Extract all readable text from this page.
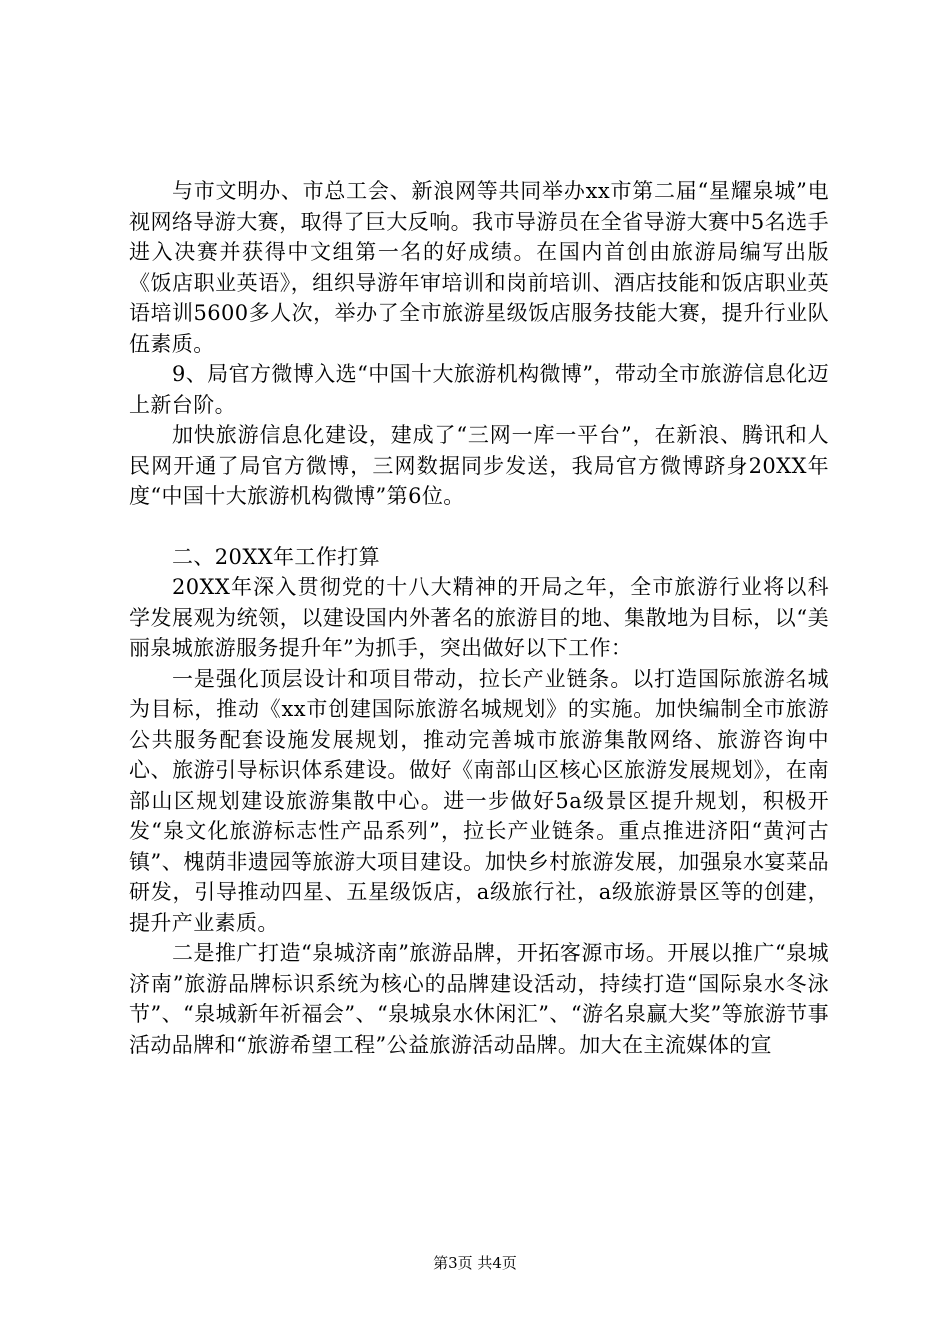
与市文明办、市总工会、新浪网等共同举办xx市第二届“星耀泉城”电视网络导游大赛，取得了巨大反响。我市导游员在全省导游大赛中5名选手进入决赛并获得中文组第一名的好成绩。在国内首创由旅游局编写出版《饭店职业英语》，组织导游年审培训和岗前培训、酒店技能和饭店职业英语培训5600多人次，举办了全市旅游星级饭店服务技能大赛，提升行业队伍素质。

9、局官方微博入选“中国十大旅游机构微博”，带动全市旅游信息化迈上新台阶。

加快旅游信息化建设，建成了“三网一库一平台”，在新浪、腾讯和人民网开通了局官方微博，三网数据同步发送，我局官方微博跻身20XX年度“中国十大旅游机构微博”第6位。

二、20XX年工作打算

20XX年深入贯彻党的十八大精神的开局之年，全市旅游行业将以科学发展观为统领，以建设国内外著名的旅游目的地、集散地为目标，以“美丽泉城旅游服务提升年”为抓手，突出做好以下工作：

一是强化顶层设计和项目带动，拉长产业链条。以打造国际旅游名城为目标，推动《xx市创建国际旅游名城规划》的实施。加快编制全市旅游公共服务配套设施发展规划，推动完善城市旅游集散网络、旅游咨询中心、旅游引导标识体系建设。做好《南部山区核心区旅游发展规划》，在南部山区规划建设旅游集散中心。进一步做好5a级景区提升规划，积极开发“泉文化旅游标志性产品系列”，拉长产业链条。重点推进济阳“黄河古镇”、槐荫非遗园等旅游大项目建设。加快乡村旅游发展，加强泉水宴菜品研发，引导推动四星、五星级饭店，a级旅行社，a级旅游景区等的创建，提升产业素质。

二是推广打造“泉城济南”旅游品牌，开拓客源市场。开展以推广“泉城济南”旅游品牌标识系统为核心的品牌建设活动，持续打造“国际泉水冬泳节”、“泉城新年祈福会”、“泉城泉水休闲汇”、“游名泉赢大奖”等旅游节事活动品牌和“旅游希望工程”公益旅游活动品牌。加大在主流媒体的宣

第3页 共4页
